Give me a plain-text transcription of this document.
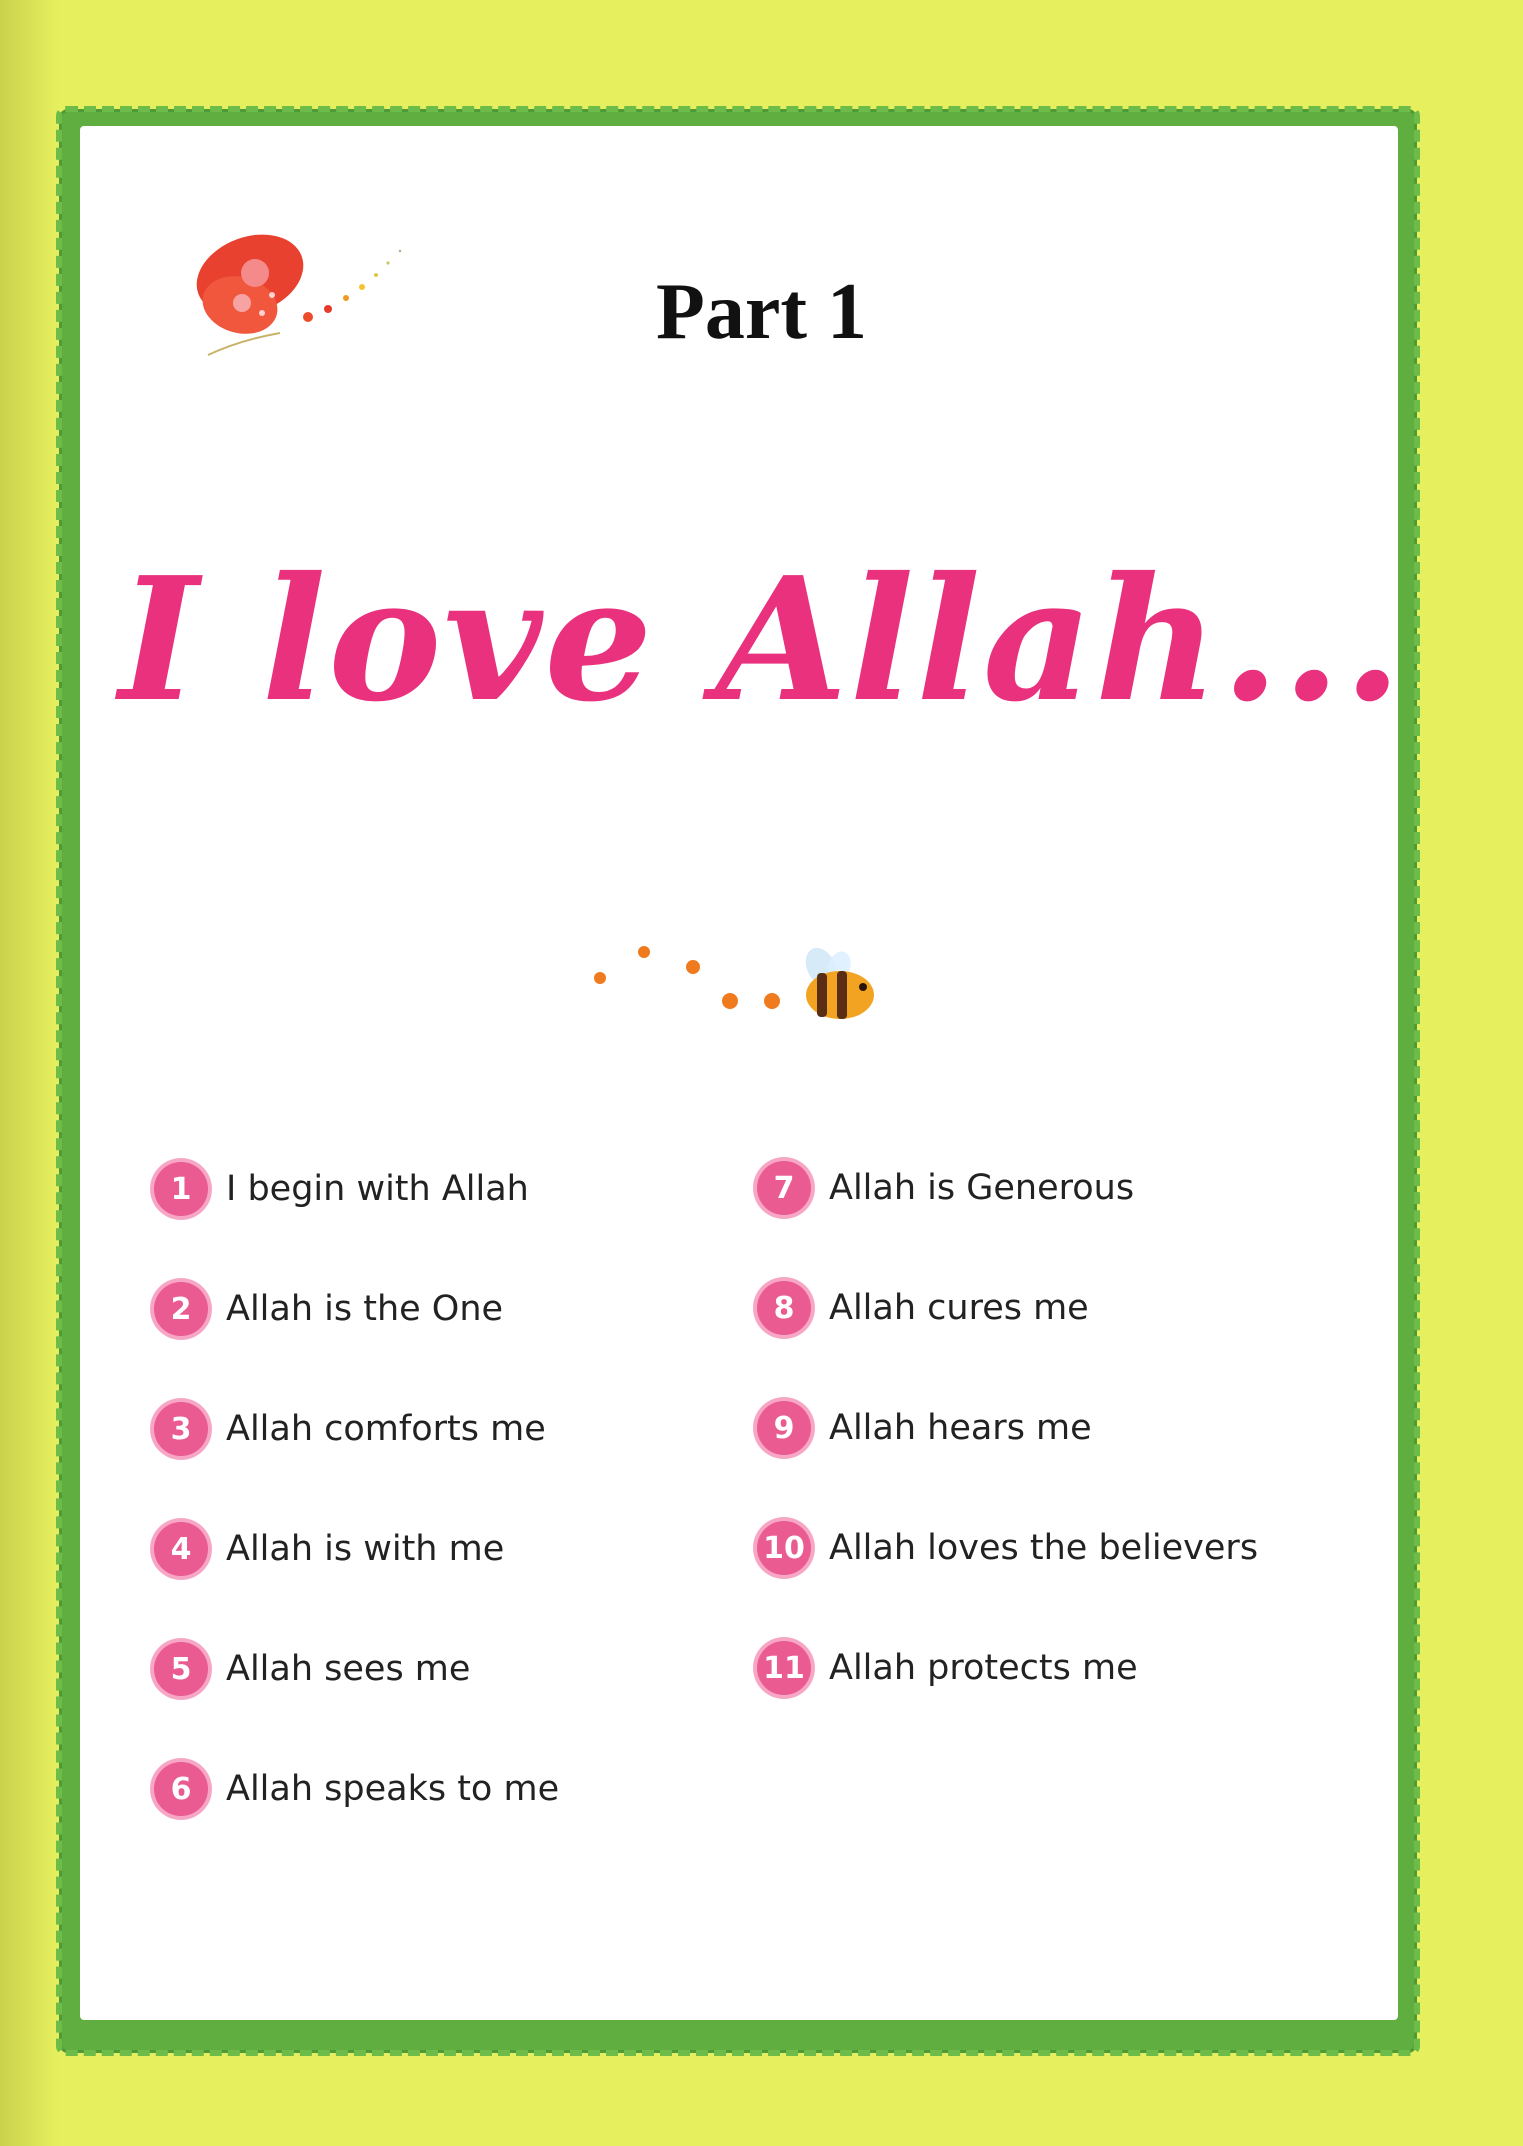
Part 1
I love Allah...
1 I begin with Allah
2 Allah is the One
3 Allah comforts me
4 Allah is with me
5 Allah sees me
6 Allah speaks to me
7 Allah is Generous
8 Allah cures me
9 Allah hears me
10 Allah loves the believers
11 Allah protects me
